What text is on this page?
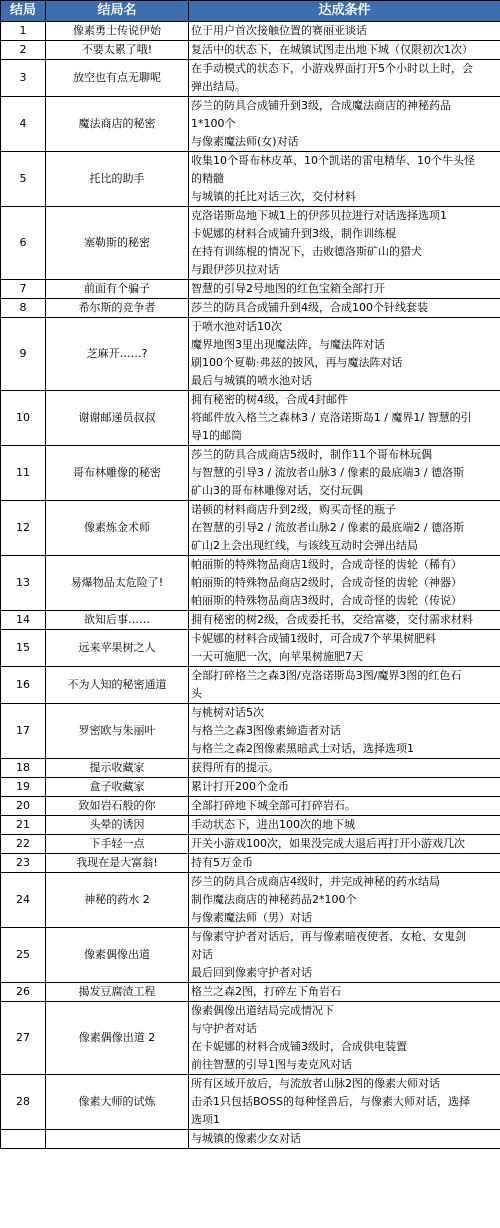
结局	结局名	达成条件
1	像素勇士传说伊始	位于用户首次接触位置的赛丽亚谈话

2	不要太累了哦!	复活中的状态下，在城镇试图走出地下城（仅限初次1次）

3	放空也有点无聊呢	在手动模式的状态下，小游戏界面打开5个小时以上时，会
弹出结局。

4	魔法商店的秘密	莎兰的防具合成铺升到3级，合成魔法商店的神秘药品
1*100个
与像素魔法师(女)对话

5	托比的助手	收集10个哥布林皮革、10个凯诺的雷电精华、10个牛头怪
的精髓
与城镇的托比对话三次，交付材料

6	塞勒斯的秘密	克洛诺斯岛地下城1上的伊莎贝拉进行对话选择选项1
卡妮娜的材料合成铺升到3级，制作训练棍
在持有训练棍的情况下，击败德洛斯矿山的猎犬
与跟伊莎贝拉对话

7	前面有个骗子	智慧的引导2号地图的红色宝箱全部打开

8	希尔斯的竞争者	莎兰的防具合成铺升到4级，合成100个针线套装

9	芝麻开……?	于喷水池对话10次
魔界地图3里出现魔法阵，与魔法阵对话
刷100个夏勒·弗兹的披风，再与魔法阵对话
最后与城镇的喷水池对话

10	谢谢邮递员叔叔	拥有秘密的树4级，合成4封邮件
将邮件放入格兰之森林3 / 克洛诺斯岛1 / 魔界1/ 智慧的引
导1的邮筒

11	哥布林雕像的秘密	莎兰的防具合成商店5级时，制作11个哥布林玩偶
与智慧的引导3 / 流放者山脉3 / 像素的最底端3 / 德洛斯
矿山3的哥布林雕像对话，交付玩偶

12	像素炼金术师	诺顿的材料商店升到2级，购买奇怪的瓶子
在智慧的引导2 / 流放者山脉2 / 像素的最底端2 / 德洛斯
矿山2上会出现红线，与该线互动时会弹出结局

13	易爆物品太危险了!	帕丽斯的特殊物品商店1级时，合成奇怪的齿轮（稀有）
帕丽斯的特殊物品商店2级时，合成奇怪的齿轮（神器）
帕丽斯的特殊物品商店3级时，合成奇怪的齿轮（传说）

14	欲知后事……	拥有秘密的树2级，合成委托书，交给富婆，交付需求材料

15	远来苹果树之人	卡妮娜的材料合成铺1级时，可合成7个苹果树肥料
一天可施肥一次，向苹果树施肥7天

16	不为人知的秘密通道	全部打碎格兰之森3图/克洛诺斯岛3图/魔界3图的红色石
头

17	罗密欧与朱丽叶	与桃树对话5次
与格兰之森3图像素締造者对话
与格兰之森2图像素黑暗武士对话，选择选项1

18	提示收藏家	获得所有的提示。

19	盒子收藏家	累计打开200个金币

20	致如岩石般的你	全部打碎地下城全部可打碎岩石。

21	头晕的诱因	手动状态下，进出100次的地下城

22	下手轻一点	开关小游戏100次，如果没完成大退后再打开小游戏几次

23	我现在是大富翁!	持有5万金币

24	神秘的药水 2	莎兰的防具合成商店4级时，并完成神秘的药水结局
制作魔法商店的神秘药品2*100个
与像素魔法师（男）对话

25	像素偶像出道	与像素守护者对话后，再与像素暗夜使者、女枪、女鬼剑
对话
最后回到像素守护者对话

26	揭发豆腐渣工程	格兰之森2图，打碎左下角岩石

27	像素偶像出道 2	像素偶像出道结局完成情况下
与守护者对话
在卡妮娜的材料合成铺3级时，合成供电装置
前往智慧的引导1图与麦克风对话

28	像素大师的试炼	所有区域开放后，与流放者山脉2图的像素大师对话
击杀1只包括BOSS的每种怪兽后，与像素大师对话，选择
选项1

		与城镇的像素少女对话
